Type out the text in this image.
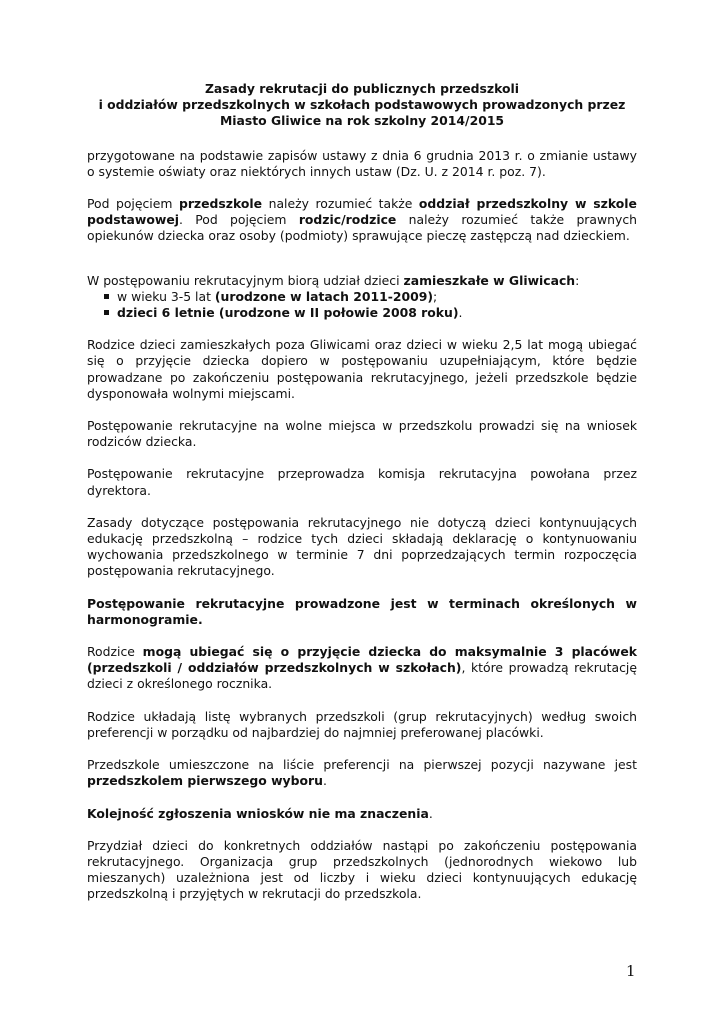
Zasady rekrutacji do publicznych przedszkoli
i oddziałów przedszkolnych w szkołach podstawowych prowadzonych przez
Miasto Gliwice na rok szkolny 2014/2015

przygotowane na podstawie zapisów ustawy z dnia 6 grudnia 2013 r. o zmianie ustawy o systemie oświaty oraz niektórych innych ustaw (Dz. U. z 2014 r. poz. 7).

Pod pojęciem przedszkole należy rozumieć także oddział przedszkolny w szkole podstawowej. Pod pojęciem rodzic/rodzice należy rozumieć także prawnych opiekunów dziecka oraz osoby (podmioty) sprawujące pieczę zastępczą nad dzieckiem.

W postępowaniu rekrutacyjnym biorą udział dzieci zamieszkałe w Gliwicach:

w wieku 3-5 lat (urodzone w latach 2011-2009);
dzieci 6 letnie (urodzone w II połowie 2008 roku).

Rodzice dzieci zamieszkałych poza Gliwicami oraz dzieci w wieku 2,5 lat mogą ubiegać się o przyjęcie dziecka dopiero w postępowaniu uzupełniającym, które będzie prowadzane po zakończeniu postępowania rekrutacyjnego, jeżeli przedszkole będzie dysponowała wolnymi miejscami.

Postępowanie rekrutacyjne na wolne miejsca w przedszkolu prowadzi się na wniosek rodziców dziecka.

Postępowanie rekrutacyjne przeprowadza komisja rekrutacyjna powołana przez dyrektora.

Zasady dotyczące postępowania rekrutacyjnego nie dotyczą dzieci kontynuujących edukację przedszkolną – rodzice tych dzieci składają deklarację o kontynuowaniu wychowania przedszkolnego w terminie 7 dni poprzedzających termin rozpoczęcia postępowania rekrutacyjnego.

Postępowanie rekrutacyjne prowadzone jest w terminach określonych w harmonogramie.

Rodzice mogą ubiegać się o przyjęcie dziecka do maksymalnie 3 placówek (przedszkoli / oddziałów przedszkolnych w szkołach), które prowadzą rekrutację dzieci z określonego rocznika.

Rodzice układają listę wybranych przedszkoli (grup rekrutacyjnych) według swoich preferencji w porządku od najbardziej do najmniej preferowanej placówki.

Przedszkole umieszczone na liście preferencji na pierwszej pozycji nazywane jest przedszkolem pierwszego wyboru.

Kolejność zgłoszenia wniosków nie ma znaczenia.

Przydział dzieci do konkretnych oddziałów nastąpi po zakończeniu postępowania rekrutacyjnego. Organizacja grup przedszkolnych (jednorodnych wiekowo lub mieszanych) uzależniona jest od liczby i wieku dzieci kontynuujących edukację przedszkolną i przyjętych w rekrutacji do przedszkola.

1
